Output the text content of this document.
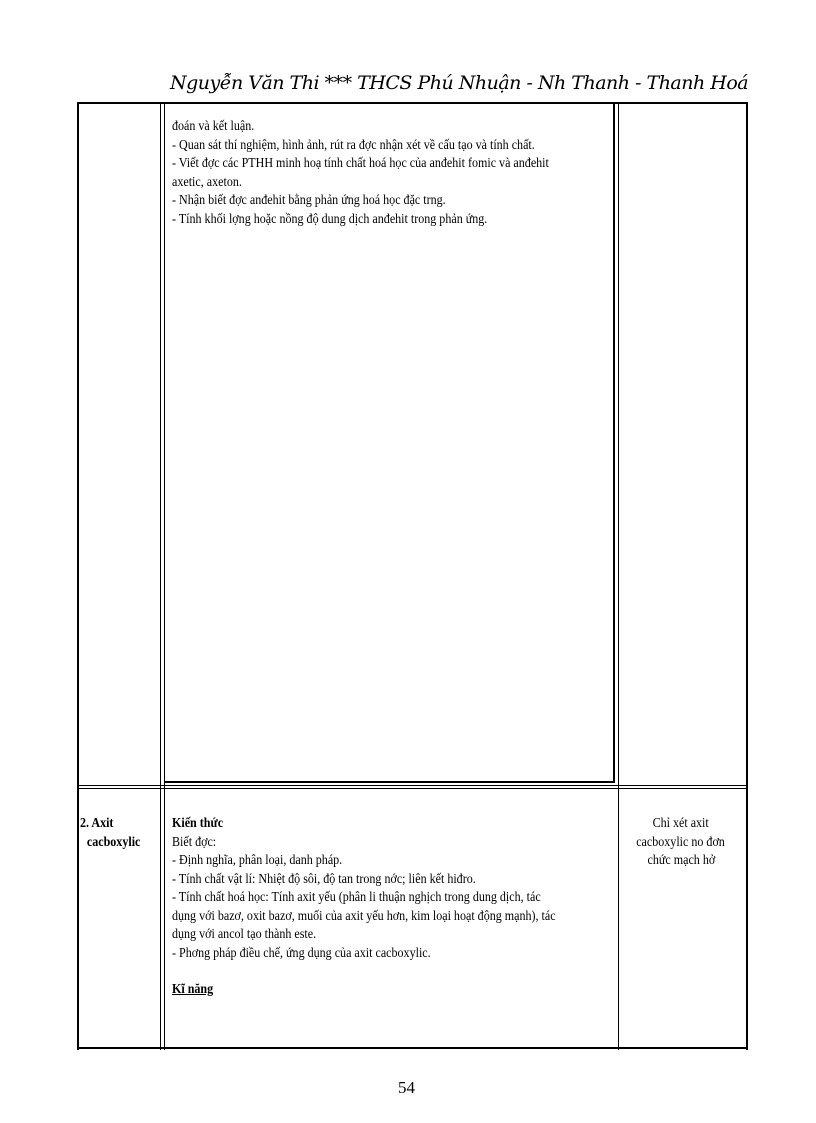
Nguyễn Văn Thi *** THCS Phú Nhuận - Nh Thanh - Thanh Hoá

đoán và kết luận.

- Quan sát thí nghiệm, hình ảnh, rút ra đợc nhận xét về cấu tạo và tính chất.

- Viết đợc các PTHH minh hoạ tính chất hoá học của anđehit fomic và anđehit

axetic, axeton.

- Nhận biết đợc anđehit bằng phản ứng hoá học đặc trng.

- Tính khối lợng hoặc nồng độ dung dịch anđehit trong phản ứng.

2. Axit

cacboxylic

Kiến thức

Biết đợc:

- Định nghĩa, phân loại, danh pháp.

- Tính chất vật lí: Nhiệt độ sôi, độ tan trong nớc; liên kết hiđro.

- Tính chất hoá học: Tính axit yếu (phân li thuận nghịch trong dung dịch, tác

dụng với bazơ, oxit bazơ, muối của axit yếu hơn, kim loại hoạt động mạnh), tác

dụng với ancol tạo thành este.

- Phơng pháp điều chế, ứng dụng của axit cacboxylic.

Kĩ năng

Chỉ xét axit

cacboxylic no đơn

chức mạch hở

54
